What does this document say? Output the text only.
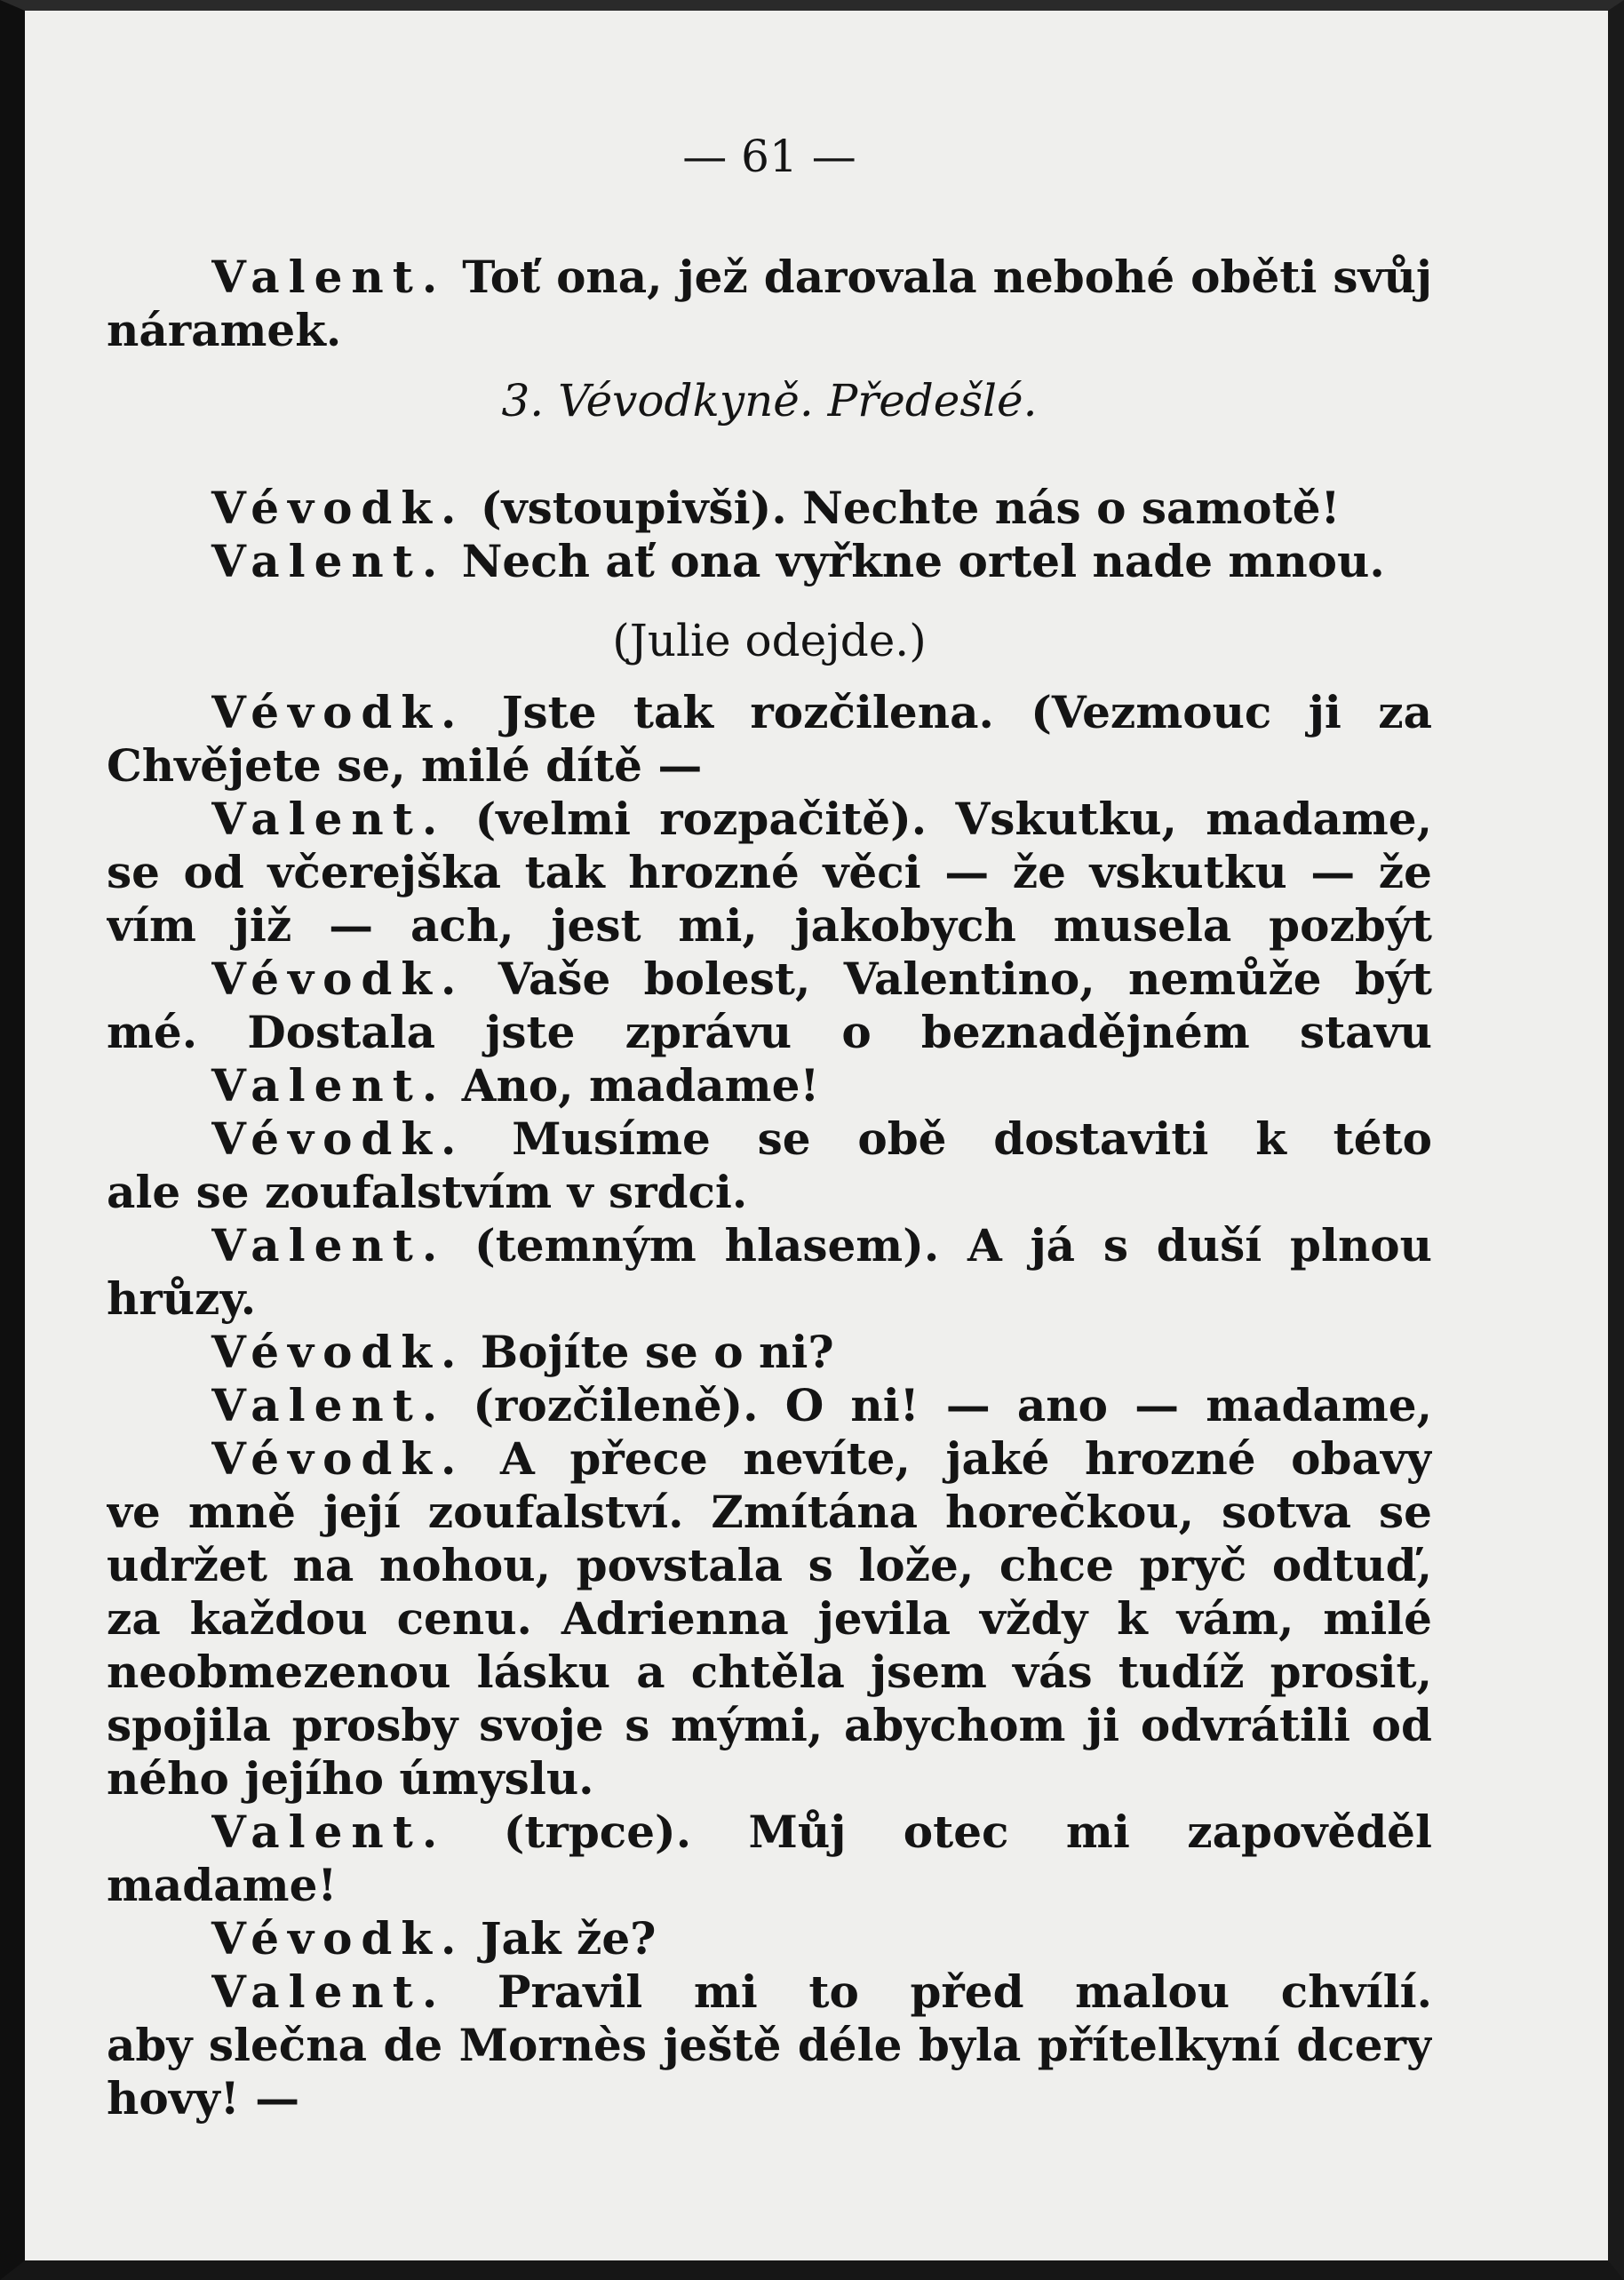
— 61 —
Valent. Toť ona, jež darovala nebohé oběti svůj
náramek.
Vévodk. (vstoupivši). Nechte nás o samotě!
Valent. Nech ať ona vyřkne ortel nade mnou.
Vévodk. Jste tak rozčilena. (Vezmouc ji za
Chvějete se, milé dítě —
Valent. (velmi rozpačitě). Vskutku, madame,
se od včerejška tak hrozné věci — že vskutku — že
vím již — ach, jest mi, jakobych musela pozbýt
Vévodk. Vaše bolest, Valentino, nemůže být
mé. Dostala jste zprávu o beznadějném stavu
Valent. Ano, madame!
Vévodk. Musíme se obě dostaviti k této
ale se zoufalstvím v srdci.
Valent. (temným hlasem). A já s duší plnou
hrůzy.
Vévodk. Bojíte se o ni?
Valent. (rozčileně). O ni! — ano — madame,
Vévodk. A přece nevíte, jaké hrozné obavy
ve mně její zoufalství. Zmítána horečkou, sotva se
udržet na nohou, povstala s lože, chce pryč odtuď,
za každou cenu. Adrienna jevila vždy k vám, milé
neobmezenou lásku a chtěla jsem vás tudíž prosit,
spojila prosby svoje s mými, abychom ji odvrátili od
ného jejího úmyslu.
Valent. (trpce). Můj otec mi zapověděl
madame!
Vévodk. Jak že?
Valent. Pravil mi to před malou chvílí.
aby slečna de Mornès ještě déle byla přítelkyní dcery
hovy! —
3. Vévodkyně. Předešlé.
(Julie odejde.)
